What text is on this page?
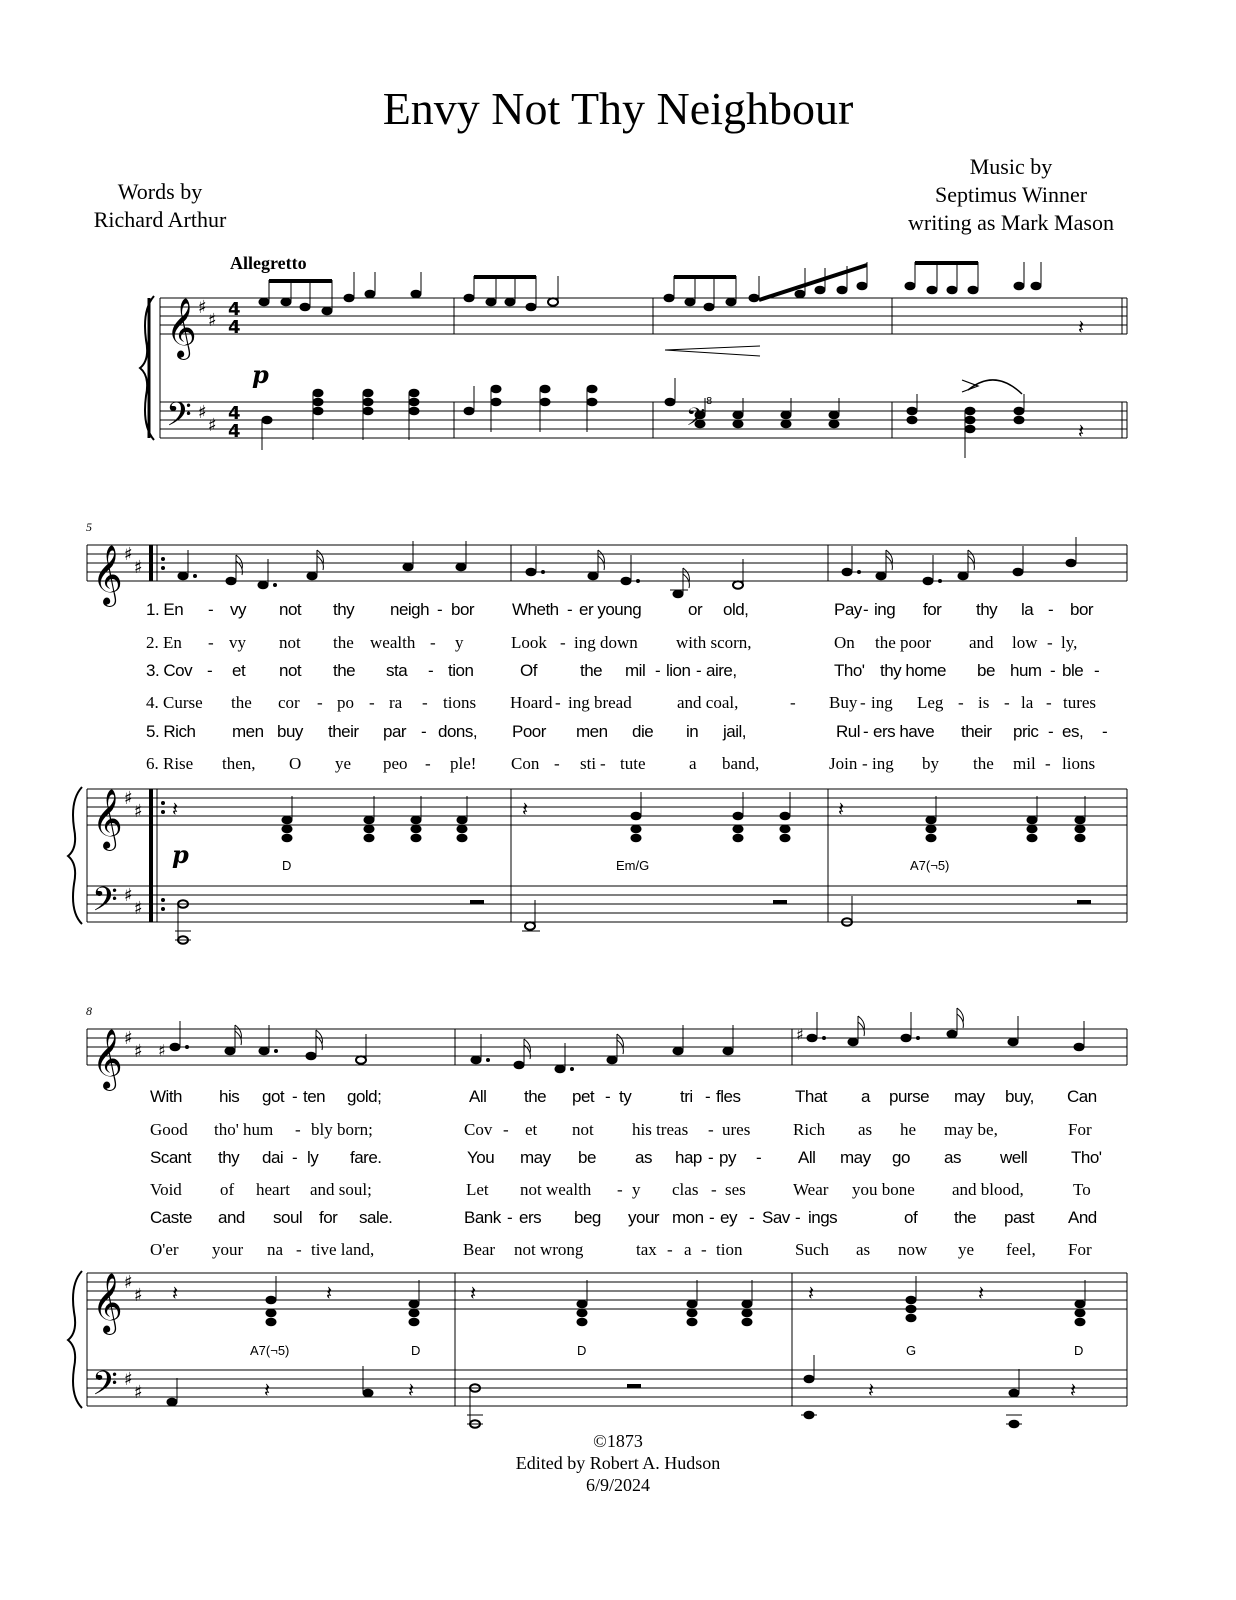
Envy Not Thy Neighbour
Words by
Richard Arthur
Music by
Septimus Winner
writing as Mark Mason
Allegretto
p
p
5
8
𝄞
𝄢
♯
♯
♯
♯
4
4
4
4
𝄽
𝄽
𝄢
8
𝄞 ♯
♯
𝄞 ♯
♯
𝄢 ♯
♯
𝄽	𝄽	𝄽
𝄞 ♯
♯
𝄞 ♯
♯
𝄢 ♯
♯
♯
♯
𝄽	𝄽	𝄽	𝄽	𝄽
𝄽	𝄽	𝄽	𝄽
1. En - vy not thy neigh - bor Wheth - er young	or old,	Pay - ing for thy la - bor
2. En - vy not the wealth - y	Look - ing down with scorn,	On the poor and low - ly,
3. Cov - et not the sta - tion	Of	the mil - lion - aire,	Tho' thy home be hum - ble -
4. Curse the cor - po - ra - tions Hoard - ing bread	and coal,	- Buy - ing Leg - is - la - tures
5. Rich men buy their par - dons, Poor men die in jail,	Rul - ers have their pric - es, -
6. Rise then, O ye peo - ple! Con - sti - tute	a band,	Join - ing by the mil - lions
D	Em/G	A7(¬5)
With his got - ten gold;	All the pet - ty	tri - fles	That a purse may buy, Can
Good tho' hum - bly born;	Cov - et not his treas - ures	Rich as he may be,	For
Scant thy dai - ly fare.	You may be as hap - py - All may go as well	Tho'
Void of heart and soul;	Let not wealth - y clas - ses	Wear you bone and blood,	To
Caste and soul for sale.	Bank - ers beg your mon - ey - Sav - ings	of the past And
O'er your na - tive land,	Bear not wrong	tax - a - tion	Such as now ye feel, For
A7(¬5)	D	D	G	D
©1873
Edited by Robert A. Hudson
6/9/2024
